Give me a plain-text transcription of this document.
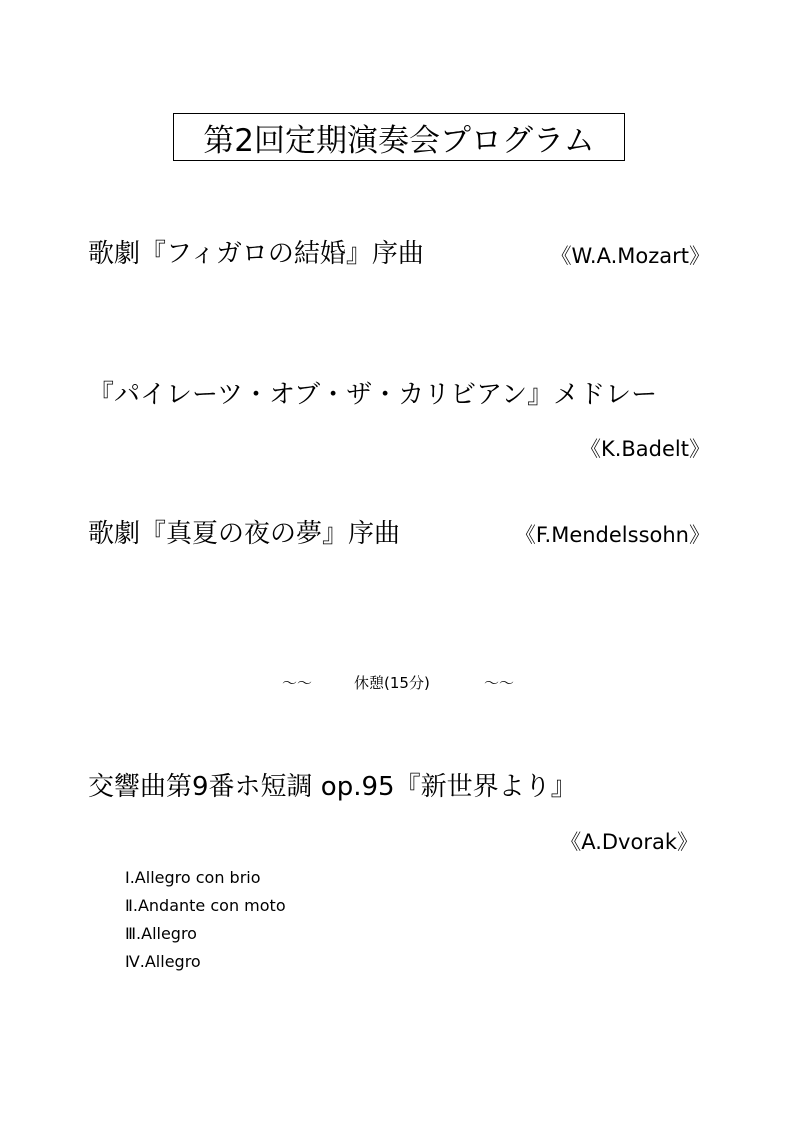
第2回定期演奏会プログラム
歌劇『フィガロの結婚』序曲	《W.A.Mozart》
『パイレーツ・オブ・ザ・カリビアン』メドレー
《K.Badelt》
歌劇『真夏の夜の夢』序曲	《F.Mendelssohn》
～～	休憩(15分)	～～
交響曲第9番ホ短調 op.95『新世界より』
《A.Dvorak》
Ⅰ.Allegro con brio
Ⅱ.Andante con moto
Ⅲ.Allegro
Ⅳ.Allegro
